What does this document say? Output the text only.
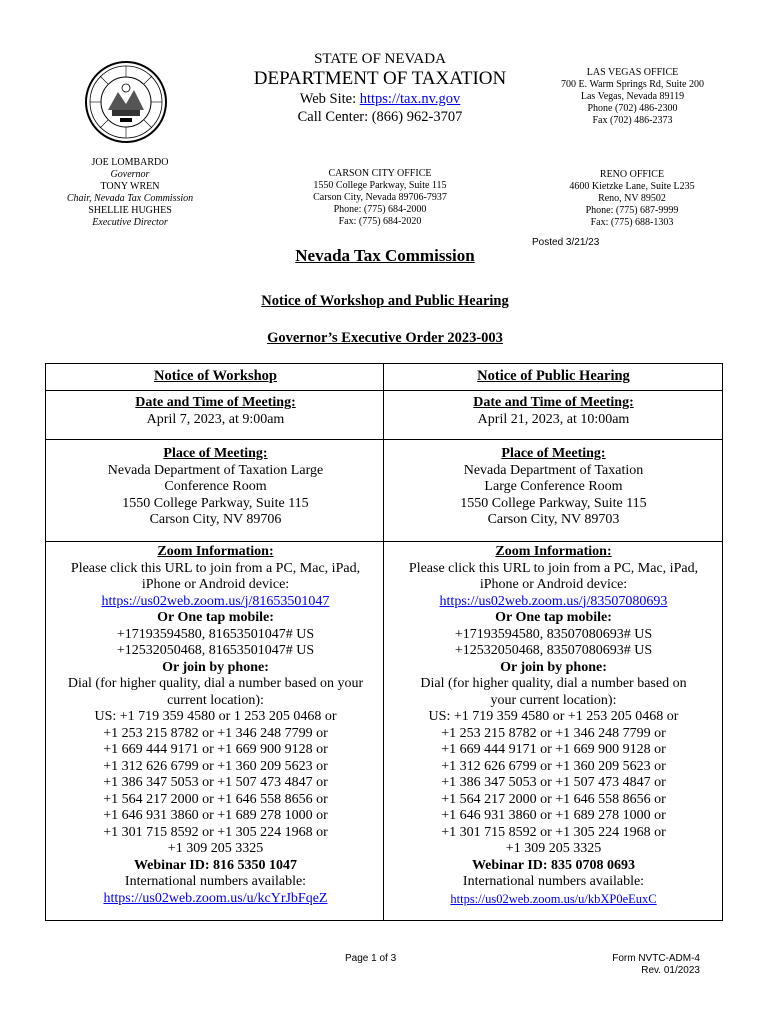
STATE OF NEVADA
DEPARTMENT OF TAXATION
Web Site: https://tax.nv.gov
Call Center: (866) 962-3707
LAS VEGAS OFFICE
700 E. Warm Springs Rd, Suite 200
Las Vegas, Nevada 89119
Phone (702) 486-2300
Fax (702) 486-2373
JOE LOMBARDO
Governor
TONY WREN
Chair, Nevada Tax Commission
SHELLIE HUGHES
Executive Director
CARSON CITY OFFICE
1550 College Parkway, Suite 115
Carson City, Nevada 89706-7937
Phone: (775) 684-2000
Fax: (775) 684-2020
RENO OFFICE
4600 Kietzke Lane, Suite L235
Reno, NV 89502
Phone: (775) 687-9999
Fax: (775) 688-1303
Posted 3/21/23
Nevada Tax Commission
Notice of Workshop and Public Hearing
Governor’s Executive Order 2023-003
Notice of Workshop	Notice of Public Hearing
Date and Time of Meeting:
April 7, 2023, at 9:00am
Date and Time of Meeting:
April 21, 2023, at 10:00am
Place of Meeting:
Nevada Department of Taxation Large
Conference Room
1550 College Parkway, Suite 115
Carson City, NV 89706
Place of Meeting:
Nevada Department of Taxation
Large Conference Room
1550 College Parkway, Suite 115
Carson City, NV 89703
Zoom Information:
Please click this URL to join from a PC, Mac, iPad,
iPhone or Android device:
https://us02web.zoom.us/j/81653501047
Or One tap mobile:
+17193594580, 81653501047# US
+12532050468, 81653501047# US
Or join by phone:
Dial (for higher quality, dial a number based on your
current location):
US: +1 719 359 4580 or 1 253 205 0468 or
+1 253 215 8782 or +1 346 248 7799 or
+1 669 444 9171 or +1 669 900 9128 or
+1 312 626 6799 or +1 360 209 5623 or
+1 386 347 5053 or +1 507 473 4847 or
+1 564 217 2000 or +1 646 558 8656 or
+1 646 931 3860 or +1 689 278 1000 or
+1 301 715 8592 or +1 305 224 1968 or
+1 309 205 3325
Webinar ID: 816 5350 1047
International numbers available:
https://us02web.zoom.us/u/kcYrJbFqeZ
Zoom Information:
Please click this URL to join from a PC, Mac, iPad,
iPhone or Android device:
https://us02web.zoom.us/j/83507080693
Or One tap mobile:
+17193594580, 83507080693# US
+12532050468, 83507080693# US
Or join by phone:
Dial (for higher quality, dial a number based on
your current location):
US: +1 719 359 4580 or +1 253 205 0468 or
+1 253 215 8782 or +1 346 248 7799 or
+1 669 444 9171 or +1 669 900 9128 or
+1 312 626 6799 or +1 360 209 5623 or
+1 386 347 5053 or +1 507 473 4847 or
+1 564 217 2000 or +1 646 558 8656 or
+1 646 931 3860 or +1 689 278 1000 or
+1 301 715 8592 or +1 305 224 1968 or
+1 309 205 3325
Webinar ID: 835 0708 0693
International numbers available:
https://us02web.zoom.us/u/kbXP0eEuxC
Page 1 of 3	Form NVTC-ADM-4
Rev. 01/2023
